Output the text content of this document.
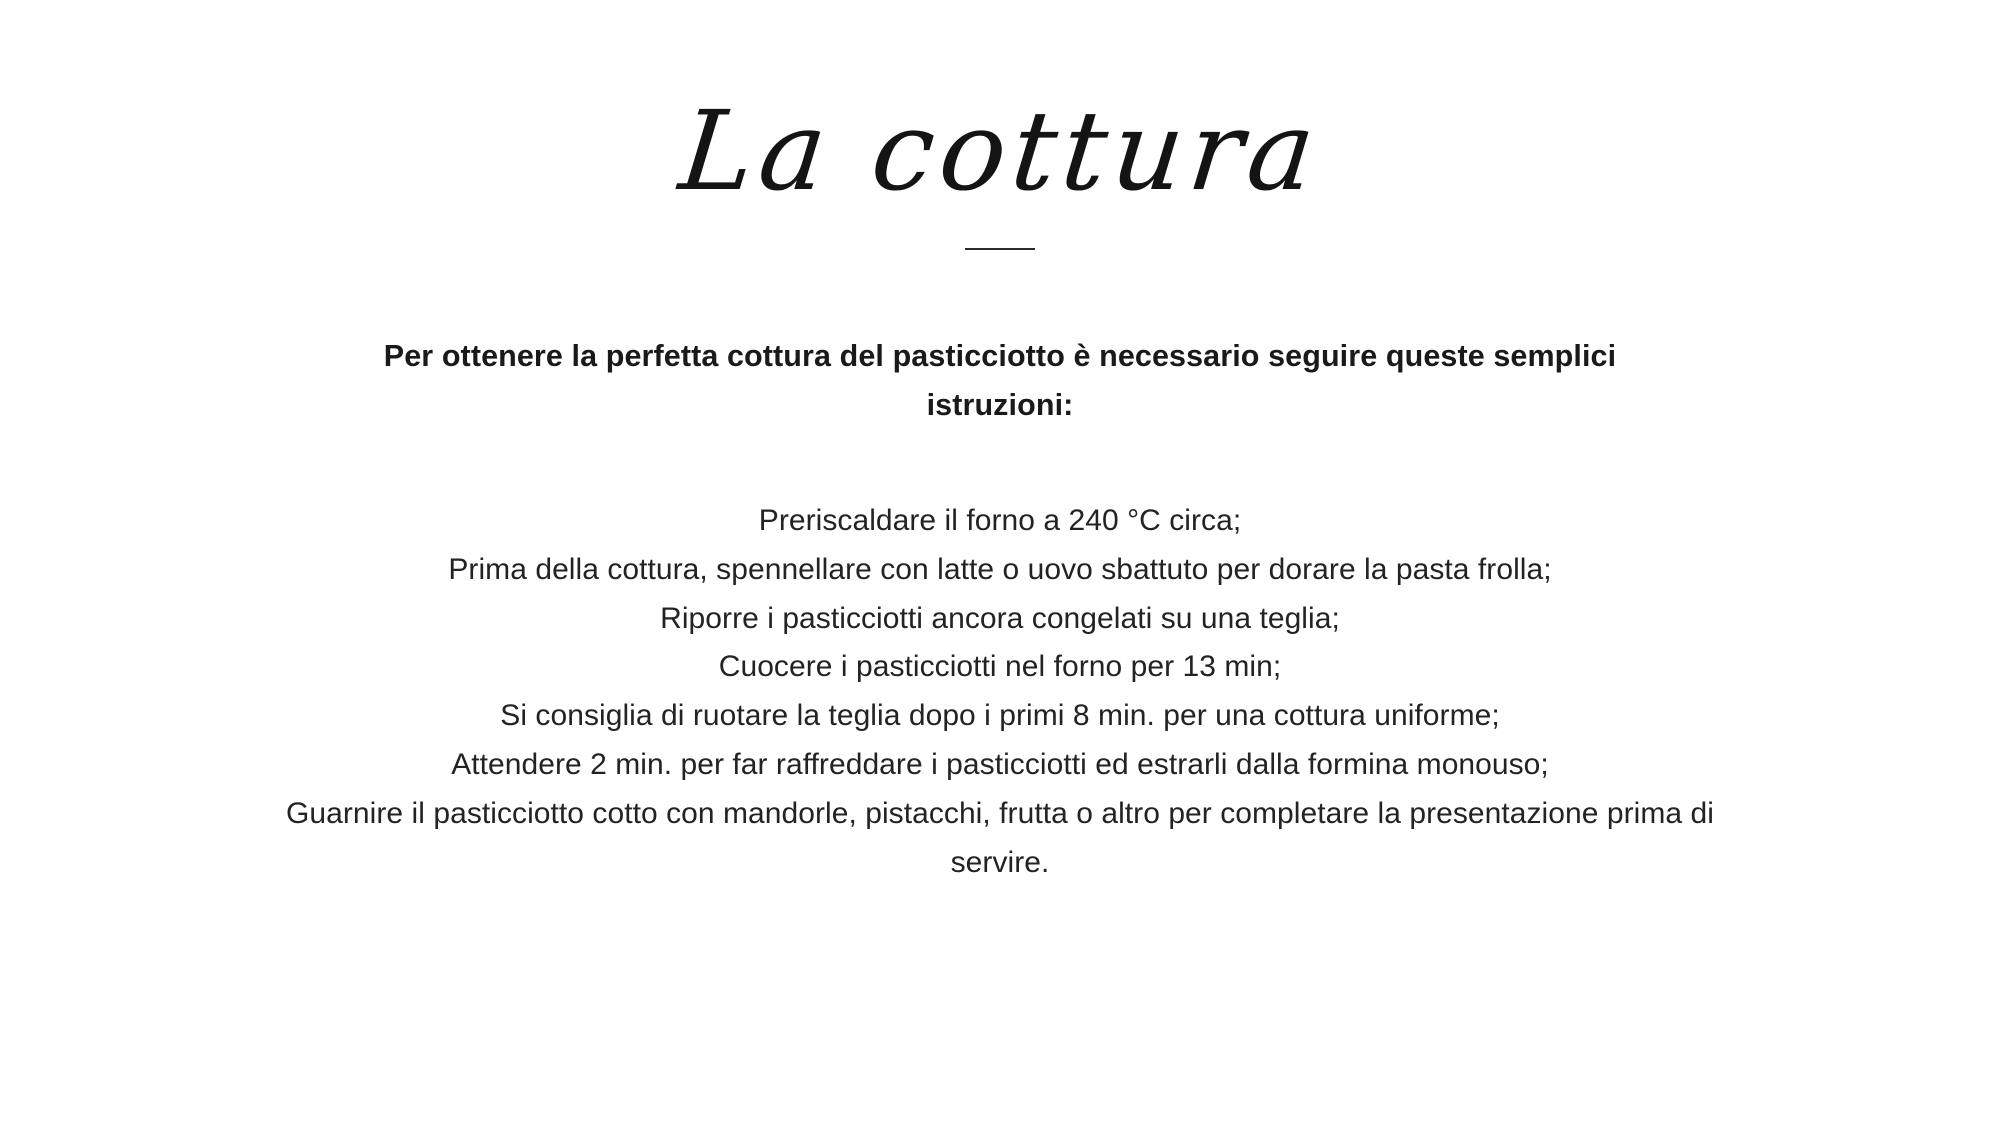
La cottura
Per ottenere la perfetta cottura del pasticciotto è necessario seguire queste semplici istruzioni:
Preriscaldare il forno a 240 °C circa;
Prima della cottura, spennellare con latte o uovo sbattuto per dorare la pasta frolla;
Riporre i pasticciotti ancora congelati su una teglia;
Cuocere i pasticciotti nel forno per 13 min;
Si consiglia di ruotare la teglia dopo i primi 8 min. per una cottura uniforme;
Attendere 2 min. per far raffreddare i pasticciotti ed estrarli dalla formina monouso;
Guarnire il pasticciotto cotto con mandorle, pistacchi, frutta o altro per completare la presentazione prima di servire.
